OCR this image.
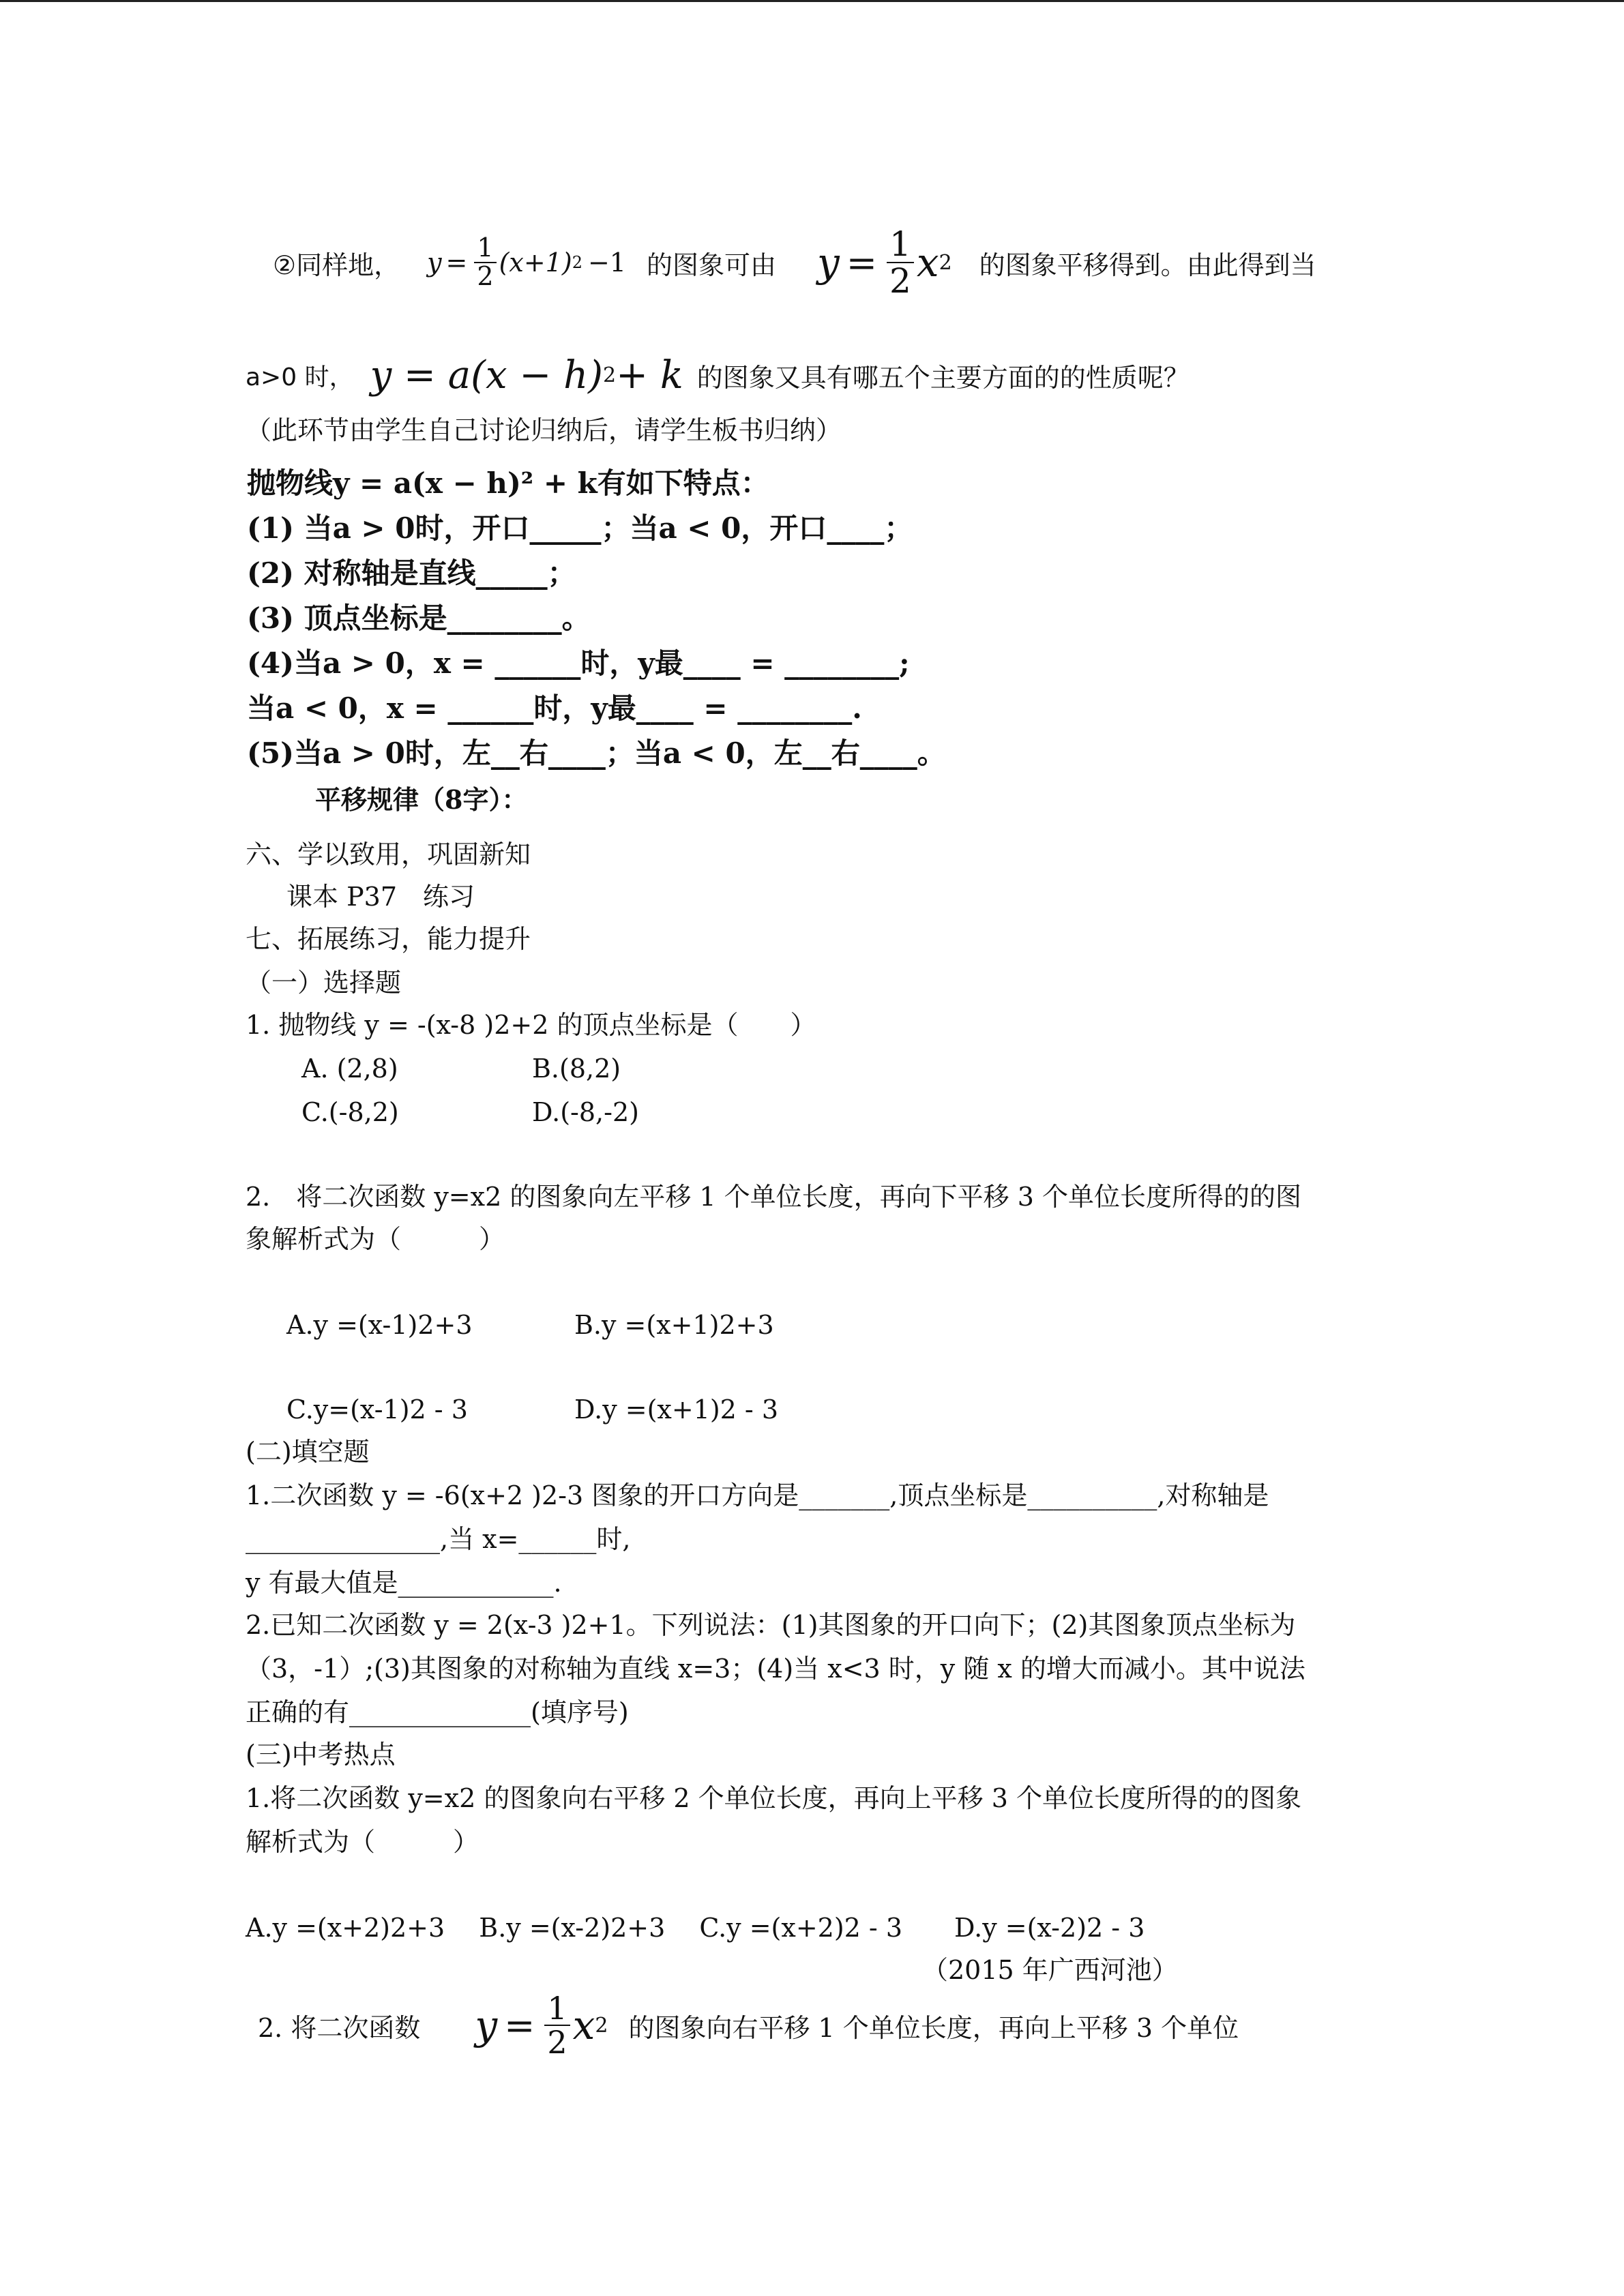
②同样地， $y = \frac{1}{2} (x+1)$ 2 −1 的图象可由 $y = \frac{1}{2}$ x 2 的图象平移得到。由此得到当
a>0 时， y = a(x − h) 2 + k 的图象又具有哪五个主要方面的的性质呢？
（此环节由学生自己讨论归纳后，请学生板书归纳）
抛物线y = a(x − h)² + k有如下特点：
(1) 当a > 0时，开口_____；当a < 0，开口____；
(2) 对称轴是直线_____；
(3) 顶点坐标是________。
(4)当a > 0，x = ______时，y最____ = ________;
当a < 0，x = ______时，y最____ = ________.
(5)当a > 0时，左__右____；当a < 0，左__右____。
平移规律（8字）：
六、学以致用，巩固新知
课本 P37　练习
七、拓展练习，能力提升
（一）选择题
1. 抛物线 y = -(x-8 )2+2 的顶点坐标是（　　）
A. (2,8)	B.(8,2)
C.(-8,2)	D.(-8,-2)
2.　将二次函数 y=x2 的图象向左平移 1 个单位长度，再向下平移 3 个单位长度所得的的图
象解析式为（　　　）
A.y =(x-1)2+3	B.y =(x+1)2+3
C.y=(x-1)2 - 3	D.y =(x+1)2 - 3
(二)填空题
1.二次函数 y = -6(x+2 )2-3 图象的开口方向是_______,顶点坐标是__________,对称轴是
_______________,当 x=______时,
y 有最大值是____________.
2.已知二次函数 y = 2(x-3 )2+1。下列说法：(1)其图象的开口向下；(2)其图象顶点坐标为
（3，-1）;(3)其图象的对称轴为直线 x=3；(4)当 x<3 时，y 随 x 的增大而减小。其中说法
正确的有______________(填序号)
(三)中考热点
1.将二次函数 y=x2 的图象向右平移 2 个单位长度，再向上平移 3 个单位长度所得的的图象
解析式为（　　　）
A.y =(x+2)2+3　 B.y =(x-2)2+3　 C.y =(x+2)2 - 3　　D.y =(x-2)2 - 3
（2015 年广西河池）
2. 将二次函数 $y = \frac{1}{2}$ x 2 的图象向右平移 1 个单位长度，再向上平移 3 个单位
